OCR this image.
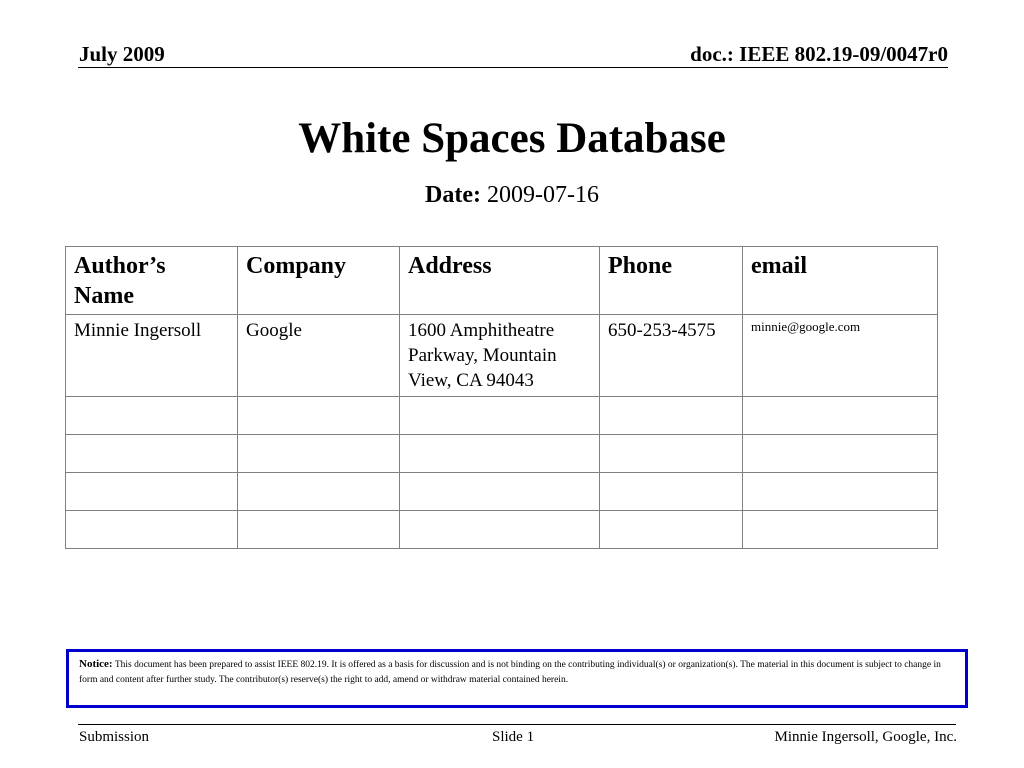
July 2009	doc.: IEEE 802.19-09/0047r0
White Spaces Database
Date: 2009-07-16
Author’s Name	Company	Address	Phone	email
Minnie Ingersoll	Google	1600 Amphitheatre Parkway, Mountain View, CA 94043	650-253-4575	minnie@google.com

Notice: This document has been prepared to assist IEEE 802.19. It is offered as a basis for discussion and is not binding on the contributing individual(s) or organization(s). The material in this document is subject to change in form and content after further study. The contributor(s) reserve(s) the right to add, amend or withdraw material contained herein.
Submission	Slide 1	Minnie Ingersoll, Google, Inc.
